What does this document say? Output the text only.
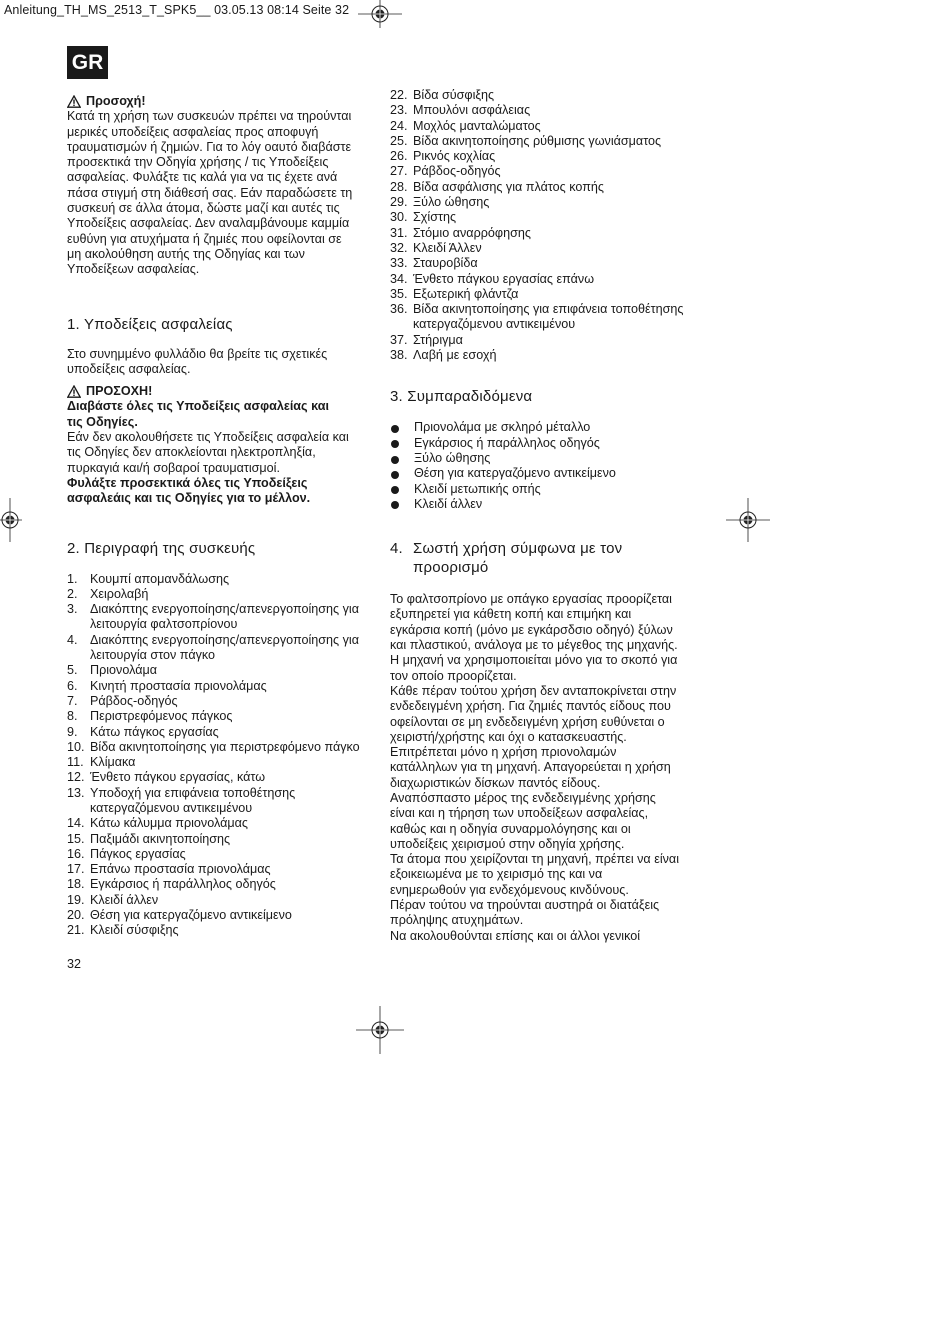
Anleitung_TH_MS_2513_T_SPK5__ 03.05.13 08:14 Seite 32
GR
Προσοχή!

Κατά τη χρήση των συσκευών πρέπει να τηρούνται

μερικές υποδείξεις ασφαλείας προς αποφυγή

τραυματισμών ή ζημιών. Για το λόγ οαυτό διαβάστε

προσεκτικά την Οδηγία χρήσης / τις Υποδείξεις

ασφαλείας. Φυλάξτε τις καλά για να τις έχετε ανά

πάσα στιγμή στη διάθεσή σας. Εάν παραδώσετε τη

συσκευή σε άλλα άτομα, δώστε μαζί και αυτές τις

Υποδείξεις ασφαλείας. Δεν αναλαμβάνουμε καμμία

ευθύνη για ατυχήματα ή ζημιές που οφείλονται σε

μη ακολούθηση αυτής της Οδηγίας και των

Υποδείξεων ασφαλείας.

1. Υποδείξεις ασφαλείας

Στο συνημμένο φυλλάδιο θα βρείτε τις σχετικές

υποδείξεις ασφαλείας.

ΠΡΟΣΟΧΗ!

Διαβάστε όλες τις Υποδείξεις ασφαλείας και

τις Οδηγίες.

Εάν δεν ακολουθήσετε τις Υποδείξεις ασφαλεία και

τις Οδηγίες δεν αποκλείονται ηλεκτροπληξία,

πυρκαγιά και/ή σοβαροί τραυματισμοί.

Φυλάξτε προσεκτικά όλες τις Υποδείξεις

ασφαλεάις και τις Οδηγίες για το μέλλον.

2. Περιγραφή της συσκευής
1. Κουμπί απομανδάλωσης
2. Χειρολαβή
3. Διακόπτης ενεργοποίησης/απενεργοποίησης για λειτουργία φαλτσοπρίονου
4. Διακόπτης ενεργοποίησης/απενεργοποίησης για λειτουργία στον πάγκο
5. Πριονολάμα
6. Κινητή προστασία πριονολάμας
7. Ράβδος-οδηγός
8. Περιστρεφόμενος πάγκος
9. Κάτω πάγκος εργασίας
10. Βίδα ακινητοποίησης για περιστρεφόμενο πάγκο
11. Κλίμακα
12. Ένθετο πάγκου εργασίας, κάτω
13. Υποδοχή για επιφάνεια τοποθέτησης κατεργαζόμενου αντικειμένου
14. Κάτω κάλυμμα πριονολάμας
15. Παξιμάδι ακινητοποίησης
16. Πάγκος εργασίας
17. Επάνω προστασία πριονολάμας
18. Εγκάρσιος ή παράλληλος οδηγός
19. Κλειδί άλλεν
20. Θέση για κατεργαζόμενο αντικείμενο
21. Κλειδί σύσφιξης
32
22. Βίδα σύσφιξης
23. Μπουλόνι ασφάλειας
24. Μοχλός μανταλώματος
25. Βίδα ακινητοποίησης ρύθμισης γωνιάσματος
26. Ρικνός κοχλίας
27. Ράβδος-οδηγός
28. Βίδα ασφάλισης για πλάτος κοπής
29. Ξύλο ώθησης
30. Σχίστης
31. Στόμιο αναρρόφησης
32. Κλειδί Άλλεν
33. Σταυροβίδα
34. Ένθετο πάγκου εργασίας επάνω
35. Εξωτερική φλάντζα
36. Βίδα ακινητοποίησης για επιφάνεια τοποθέτησης κατεργαζόμενου αντικειμένου
37. Στήριγμα
38. Λαβή με εσοχή
3. Συμπαραδιδόμενα
Πριονολάμα με σκληρό μέταλλο
Εγκάρσιος ή παράλληλος οδηγός
Ξύλο ώθησης
Θέση για κατεργαζόμενο αντικείμενο
Κλειδί μετωπικής οπής
Κλειδί άλλεν
4. Σωστή χρήση σύμφωνα με τον
προορισμό

Το φαλτσοπρίονο με οπάγκο εργασίας προορίζεται

εξυπηρετεί για κάθετη κοπή και επιμήκη και

εγκάρσια κοπή (μόνο με εγκάρσδσιο οδηγό) ξύλων

και πλαστικού, ανάλογα με το μέγεθος της μηχανής.

Η μηχανή να χρησιμοποιείται μόνο για το σκοπό για

τον οποίο προορίζεται.

Κάθε πέραν τούτου χρήση δεν ανταποκρίνεται στην

ενδεδειγμένη χρήση. Για ζημιές παντός είδους που

οφείλονται σε μη ενδεδειγμένη χρήση ευθύνεται ο

χειριστή/χρήστης και όχι ο κατασκευαστής.

Επιτρέπεται μόνο η χρήση πριονολαμών

κατάλληλων για τη μηχανή. Απαγορεύεται η χρήση

διαχωριστικών δίσκων παντός είδους.

Αναπόσπαστο μέρος της ενδεδειγμένης χρήσης

είναι και η τήρηση των υποδείξεων ασφαλείας,

καθώς και η οδηγία συναρμολόγησης και οι

υποδείξεις χειρισμού στην οδηγία χρήσης.

Τα άτομα που χειρίζονται τη μηχανή, πρέπει να είναι

εξοικειωμένα με το χειρισμό της και να

ενημερωθούν για ενδεχόμενους κινδύνους.

Πέραν τούτου να τηρούνται αυστηρά οι διατάξεις

πρόληψης ατυχημάτων.

Να ακολουθούνται επίσης και οι άλλοι γενικοί
